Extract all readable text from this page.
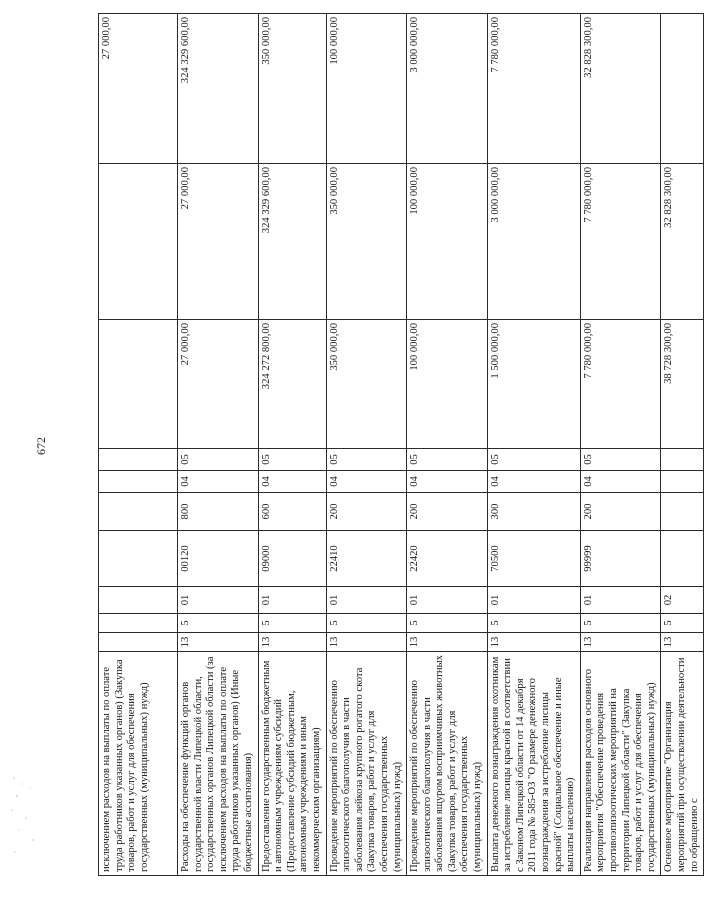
672
исключением расходов на выплаты по оплате труда работников указанных органов) (Закупка товаров, работ и услуг для обеспечения государственных (муниципальных) нужд)										27 000,00
Расходы на обеспечение функций органов государственной власти Липецкой области, государственных органов Липецкой области (за исключением расходов на выплаты по оплате труда работников указанных органов) (Иные бюджетные ассигнования)	13	5	01	00120	800	04	05	27 000,00	27 000,00	324 329 600,00
Предоставление государственным бюджетным и автономным учреждениям субсидий (Предоставление субсидий бюджетным, автономным учреждениям и иным некоммерческим организациям)	13	5	01	09000	600	04	05	324 272 800,00	324 329 600,00	350 000,00
Проведение мероприятий по обеспечению эпизоотического благополучия в части заболевания лейкоза крупного рогатого скота (Закупка товаров, работ и услуг для обеспечения государственных (муниципальных) нужд)	13	5	01	22410	200	04	05	350 000,00	350 000,00	100 000,00
Проведение мероприятий по обеспечению эпизоотического благополучия в части заболевания ящуром восприимчивых животных (Закупка товаров, работ и услуг для обеспечения государственных (муниципальных) нужд)	13	5	01	22420	200	04	05	100 000,00	100 000,00	3 000 000,00
Выплата денежного вознаграждения охотникам за истребление лисицы красной в соответствии с Законом Липецкой области от 14 декабря 2011 года № 585-ОЗ "О размере денежного вознаграждения за истребление лисицы красной" (Социальное обеспечение и иные выплаты населению)	13	5	01	70500	300	04	05	1 500 000,00	3 000 000,00	7 780 000,00
Реализация направления расходов основного мероприятия "Обеспечение проведения противоэпизоотических мероприятий на территории Липецкой области" (Закупка товаров, работ и услуг для обеспечения государственных (муниципальных) нужд)	13	5	01	99999	200	04	05	7 780 000,00	7 780 000,00	32 828 300,00
Основное мероприятие "Организация мероприятий при осуществлении деятельности по обращению с	13	5	02					38 728 300,00	32 828 300,00	
